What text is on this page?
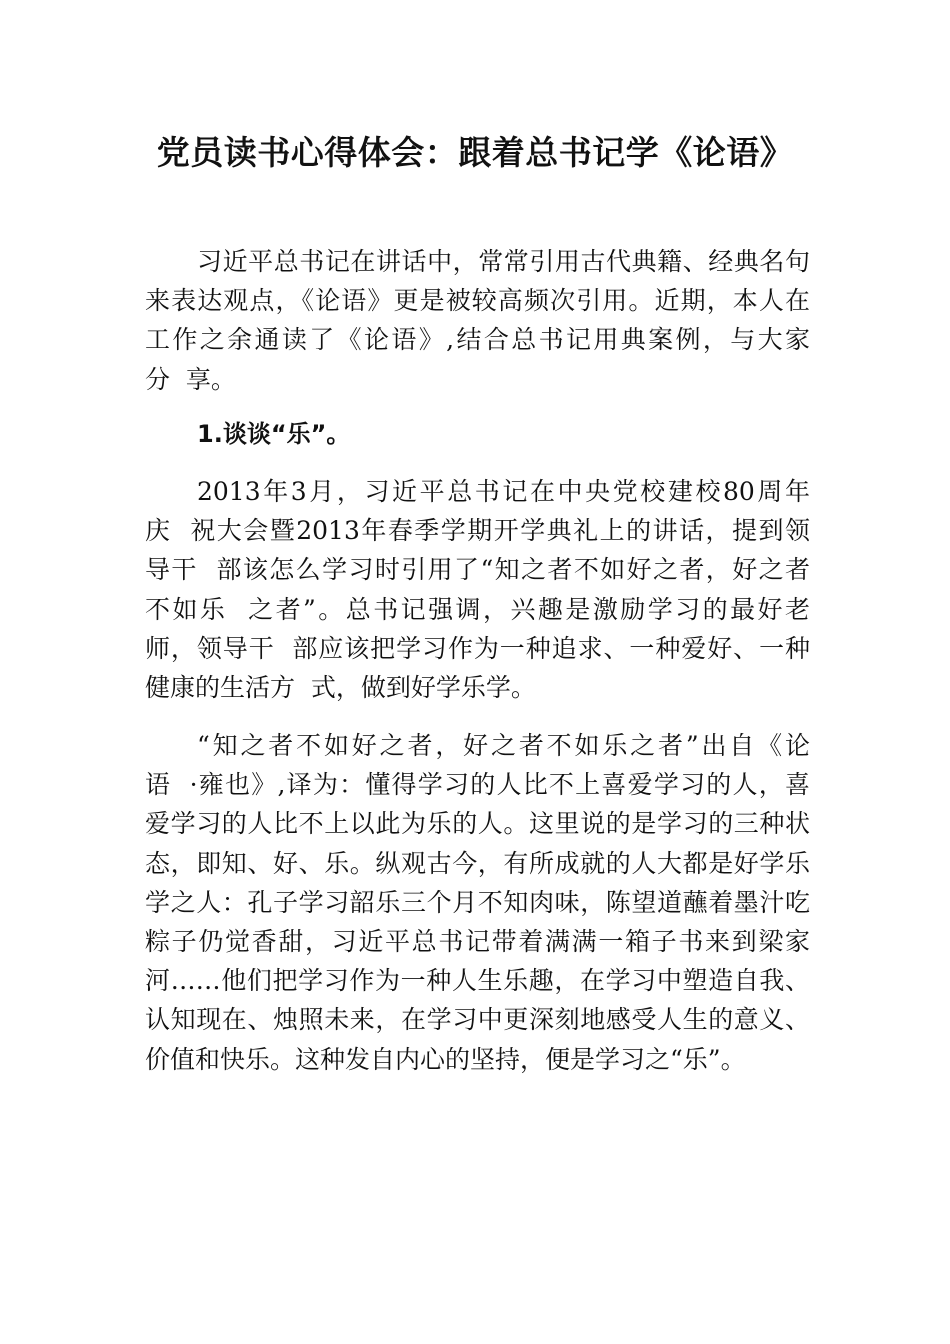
党员读书心得体会：跟着总书记学《论语》
习近平总书记在讲话中，常常引用古代典籍、经典名句
来表达观点，《论语》更是被较高频次引用。近期，本人在
工作之余通读了《论语》,结合总书记用典案例，与大家
分  享。
1.谈谈“乐”。
2013年3月，习近平总书记在中央党校建校80周年
庆  祝大会暨2013年春季学期开学典礼上的讲话，提到领
导干  部该怎么学习时引用了“知之者不如好之者，好之者
不如乐  之者”。总书记强调，兴趣是激励学习的最好老
师，领导干  部应该把学习作为一种追求、一种爱好、一种
健康的生活方  式，做到好学乐学。
“知之者不如好之者，好之者不如乐之者”出自《论
语  ·雍也》,译为：懂得学习的人比不上喜爱学习的人，喜
爱学习的人比不上以此为乐的人。这里说的是学习的三种状
态，即知、好、乐。纵观古今，有所成就的人大都是好学乐
学之人：孔子学习韶乐三个月不知肉味，陈望道蘸着墨汁吃
粽子仍觉香甜，习近平总书记带着满满一箱子书来到梁家
河……他们把学习作为一种人生乐趣，在学习中塑造自我、
认知现在、烛照未来，在学习中更深刻地感受人生的意义、
价值和快乐。这种发自内心的坚持，便是学习之“乐”。
